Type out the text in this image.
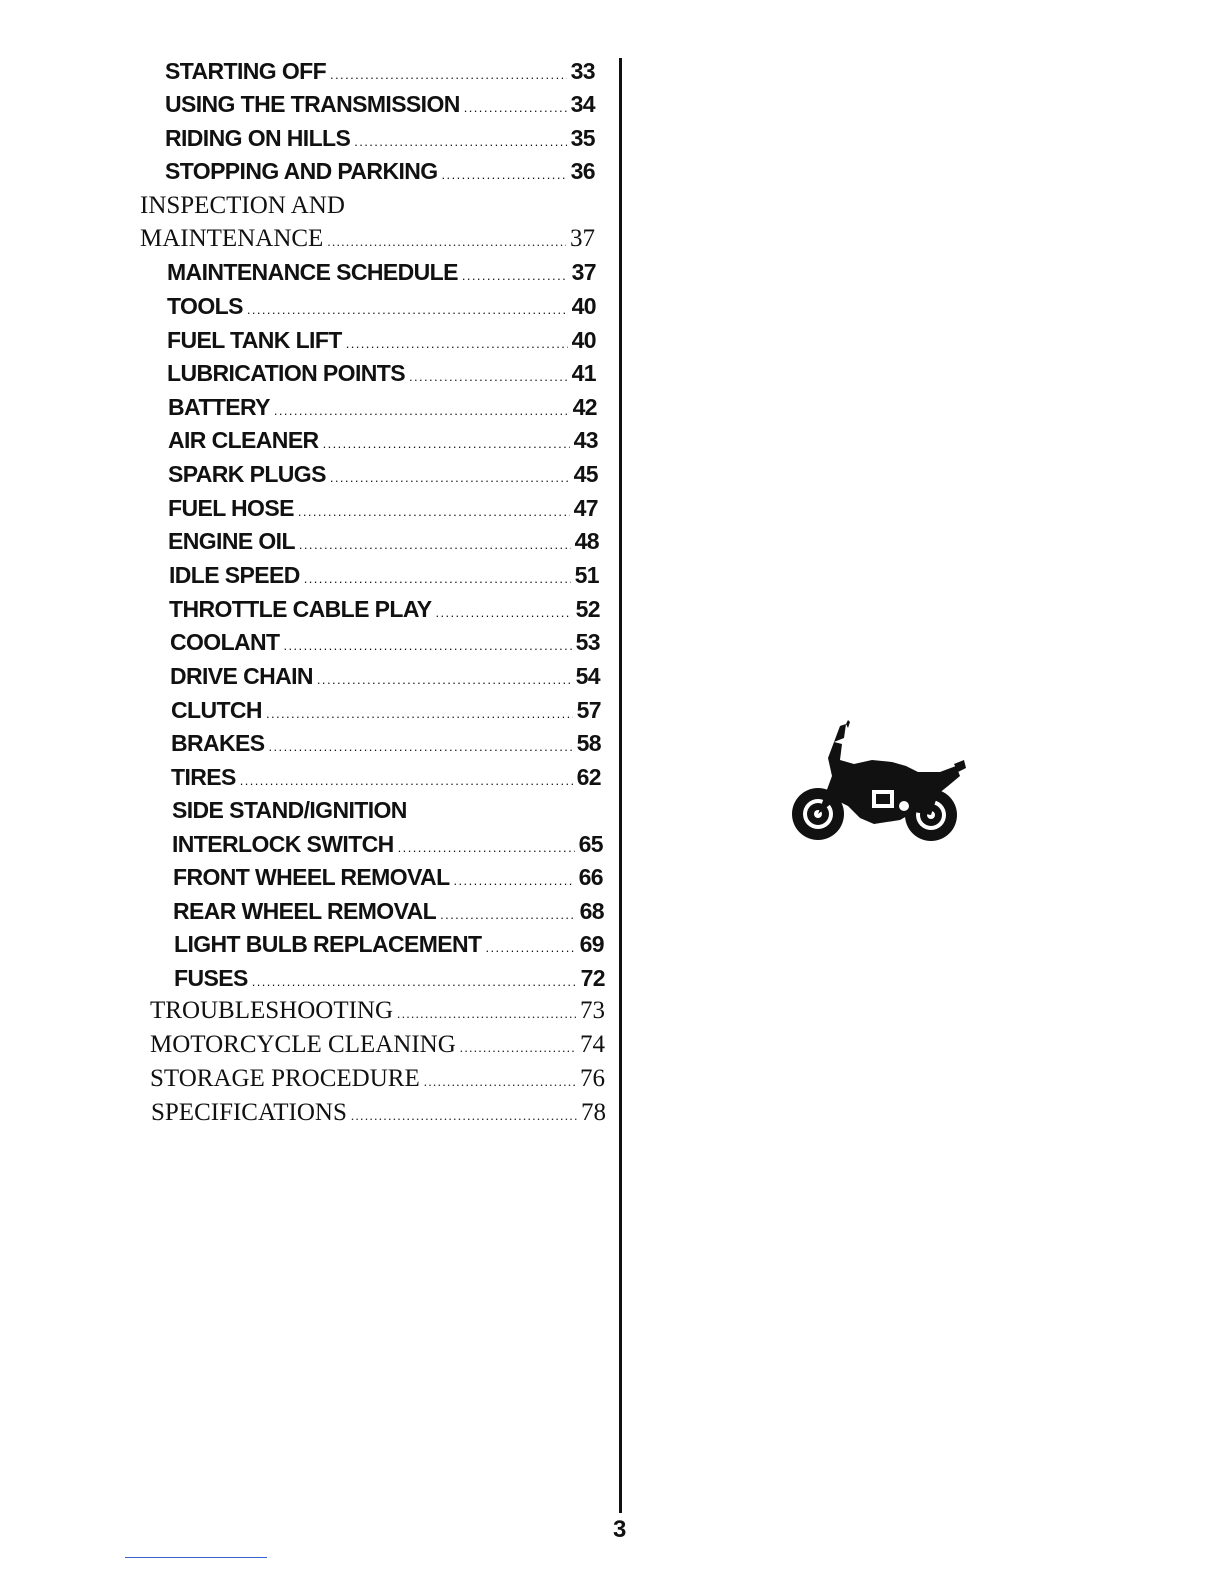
STARTING OFF .....	33
USING THE TRANSMISSION .....	34
RIDING ON HILLS .....	35
STOPPING AND PARKING .....	36
INSPECTION AND
MAINTENANCE .....	37
MAINTENANCE SCHEDULE .....	37
TOOLS .....	40
FUEL TANK LIFT .....	40
LUBRICATION POINTS .....	41
BATTERY .....	42
AIR CLEANER .....	43
SPARK PLUGS .....	45
FUEL HOSE .....	47
ENGINE OIL .....	48
IDLE SPEED .....	51
THROTTLE CABLE PLAY .....	52
COOLANT .....	53
DRIVE CHAIN .....	54
CLUTCH .....	57
BRAKES .....	58
TIRES .....	62
SIDE STAND/IGNITION
INTERLOCK SWITCH .....	65
FRONT WHEEL REMOVAL .....	66
REAR WHEEL REMOVAL .....	68
LIGHT BULB REPLACEMENT .....	69
FUSES .....	72
TROUBLESHOOTING .....	73
MOTORCYCLE CLEANING .....	74
STORAGE PROCEDURE .....	76
SPECIFICATIONS .....	78
3
